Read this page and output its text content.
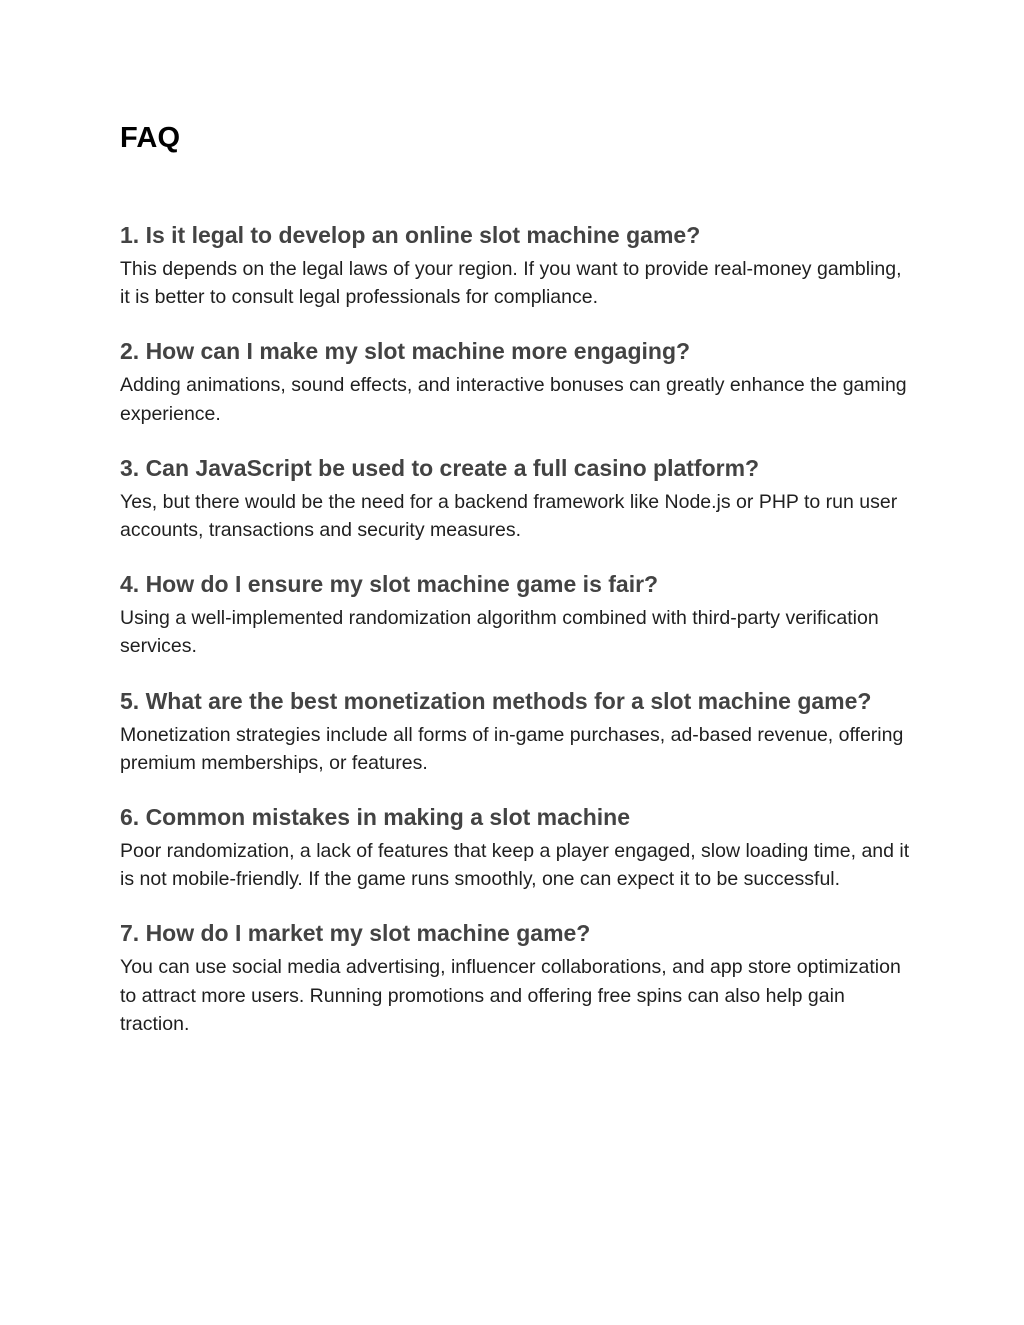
FAQ
1. Is it legal to develop an online slot machine game?

This depends on the legal laws of your region. If you want to provide real-money gambling, it is better to consult legal professionals for compliance.

2. How can I make my slot machine more engaging?

Adding animations, sound effects, and interactive bonuses can greatly enhance the gaming experience.

3. Can JavaScript be used to create a full casino platform?

Yes, but there would be the need for a backend framework like Node.js or PHP to run user accounts, transactions and security measures.

4. How do I ensure my slot machine game is fair?

Using a well-implemented randomization algorithm combined with third-party verification services.

5. What are the best monetization methods for a slot machine game?

Monetization strategies include all forms of in-game purchases, ad-based revenue, offering premium memberships, or features.

6. Common mistakes in making a slot machine

Poor randomization, a lack of features that keep a player engaged, slow loading time, and it is not mobile-friendly. If the game runs smoothly, one can expect it to be successful.

7. How do I market my slot machine game?

You can use social media advertising, influencer collaborations, and app store optimization to attract more users. Running promotions and offering free spins can also help gain traction.
